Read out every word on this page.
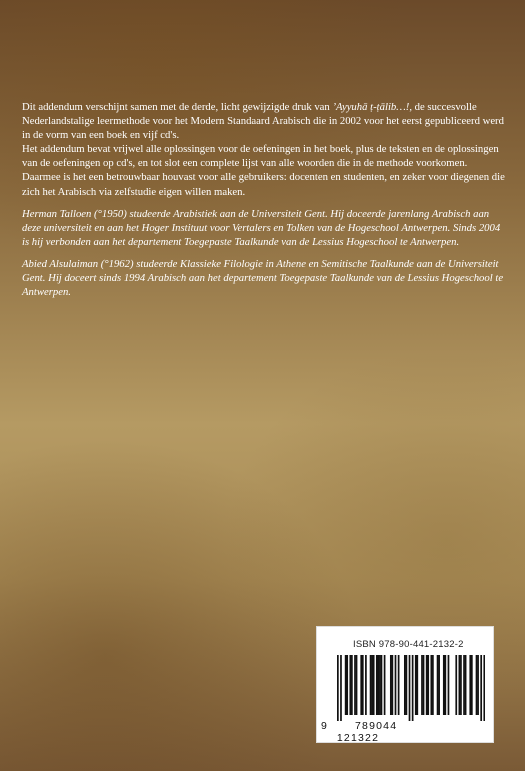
Dit addendum verschijnt samen met de derde, licht gewijzigde druk van ’Ayyuhā ṭ-ṭālib…!, de succesvolle Nederlandstalige leermethode voor het Modern Standaard Arabisch die in 2002 voor het eerst gepubliceerd werd in de vorm van een boek en vijf cd's.

Het addendum bevat vrijwel alle oplossingen voor de oefeningen in het boek, plus de teksten en de oplossingen van de oefeningen op cd's, en tot slot een complete lijst van alle woorden die in de methode voorkomen. Daarmee is het een betrouwbaar houvast voor alle gebruikers: docenten en studenten, en zeker voor diegenen die zich het Arabisch via zelfstudie eigen willen maken.

Herman Talloen (°1950) studeerde Arabistiek aan de Universiteit Gent. Hij doceerde jarenlang Arabisch aan deze universiteit en aan het Hoger Instituut voor Vertalers en Tolken van de Hogeschool Antwerpen. Sinds 2004 is hij verbonden aan het departement Toegepaste Taalkunde van de Lessius Hogeschool te Antwerpen.

Abied Alsulaiman (°1962) studeerde Klassieke Filologie in Athene en Semitische Taalkunde aan de Universiteit Gent. Hij doceert sinds 1994 Arabisch aan het departement Toegepaste Taalkunde van de Lessius Hogeschool te Antwerpen.

ISBN 978-90-441-2132-2
9	789044 121322
